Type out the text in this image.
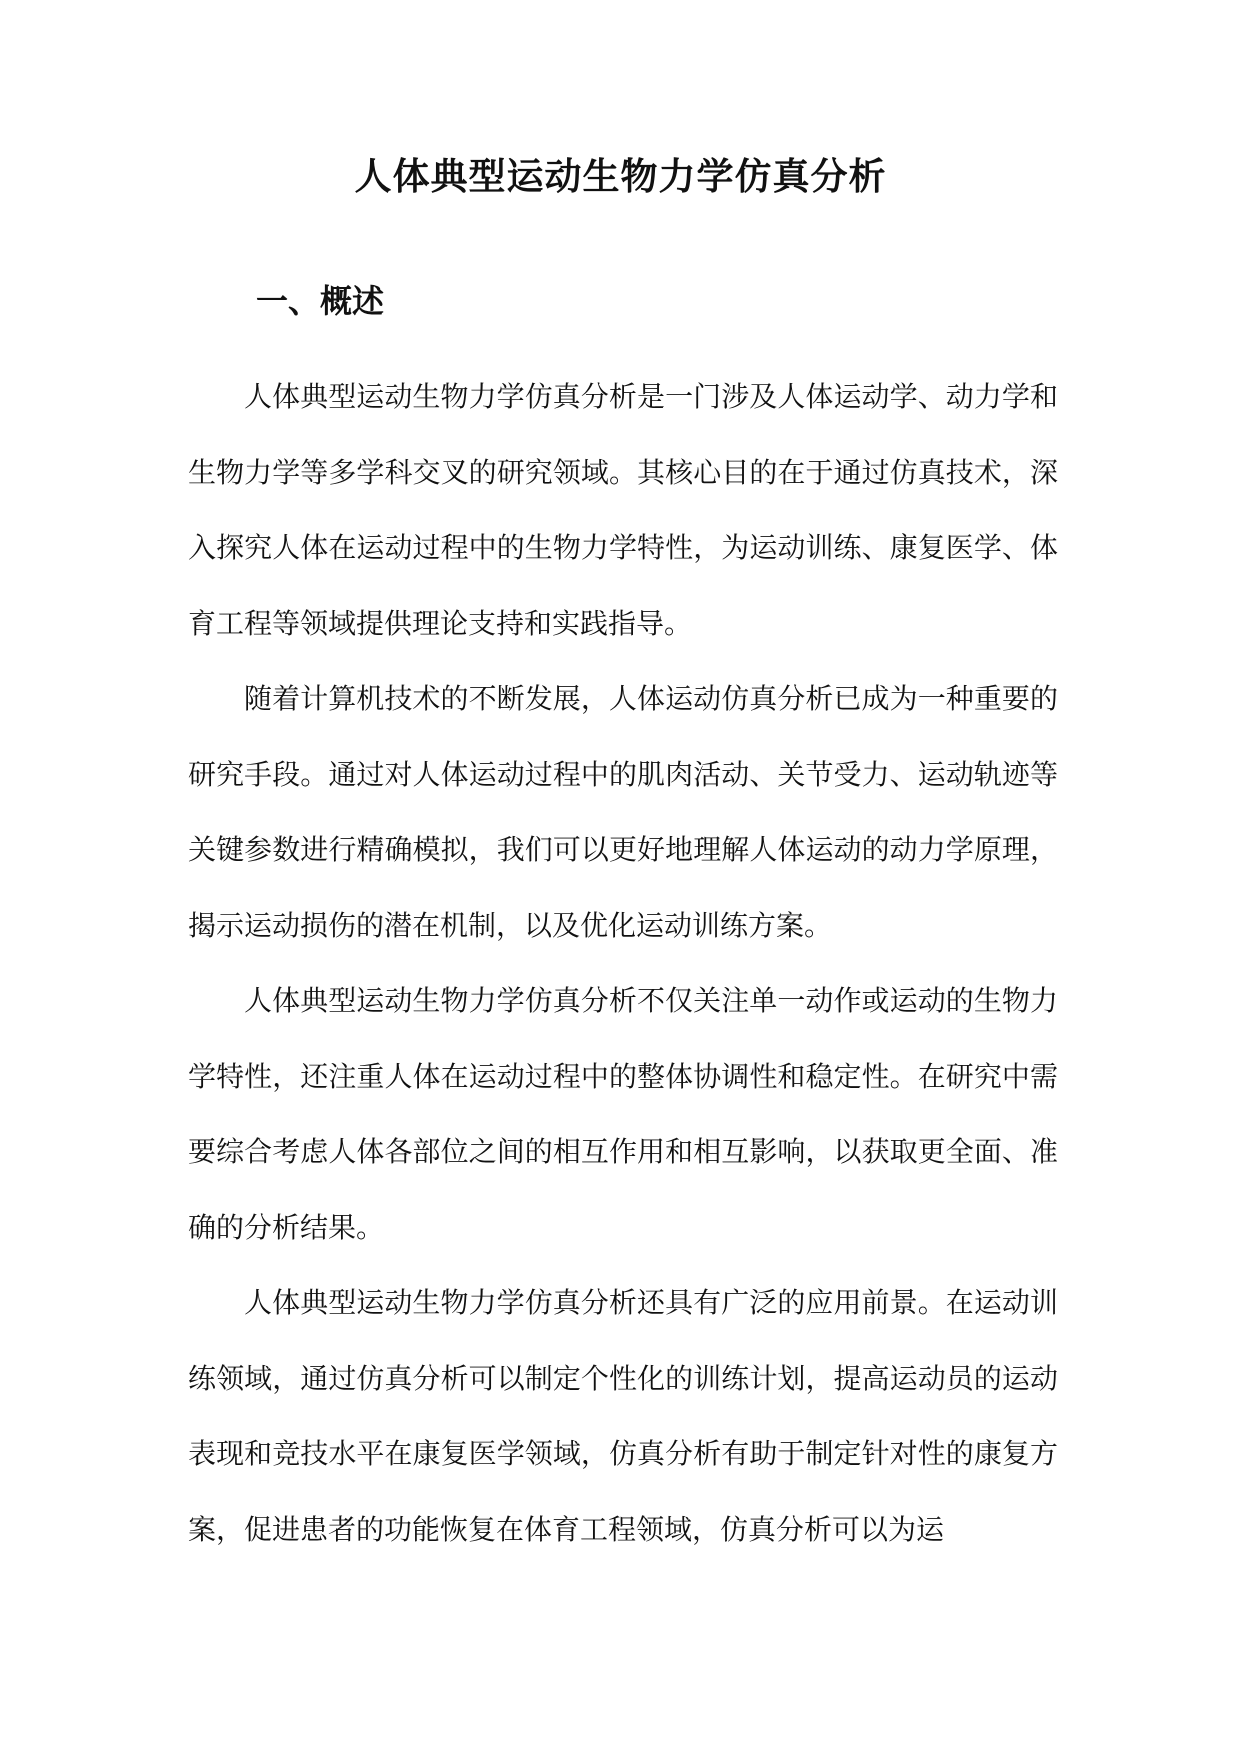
人体典型运动生物力学仿真分析
一、概述

人体典型运动生物力学仿真分析是一门涉及人体运动学、动力学和生物力学等多学科交叉的研究领域。其核心目的在于通过仿真技术，深入探究人体在运动过程中的生物力学特性，为运动训练、康复医学、体育工程等领域提供理论支持和实践指导。

随着计算机技术的不断发展，人体运动仿真分析已成为一种重要的研究手段。通过对人体运动过程中的肌肉活动、关节受力、运动轨迹等关键参数进行精确模拟，我们可以更好地理解人体运动的动力学原理，揭示运动损伤的潜在机制，以及优化运动训练方案。

人体典型运动生物力学仿真分析不仅关注单一动作或运动的生物力学特性，还注重人体在运动过程中的整体协调性和稳定性。在研究中需要综合考虑人体各部位之间的相互作用和相互影响，以获取更全面、准确的分析结果。

人体典型运动生物力学仿真分析还具有广泛的应用前景。在运动训练领域，通过仿真分析可以制定个性化的训练计划，提高运动员的运动表现和竞技水平在康复医学领域，仿真分析有助于制定针对性的康复方案，促进患者的功能恢复在体育工程领域，仿真分析可以为运
